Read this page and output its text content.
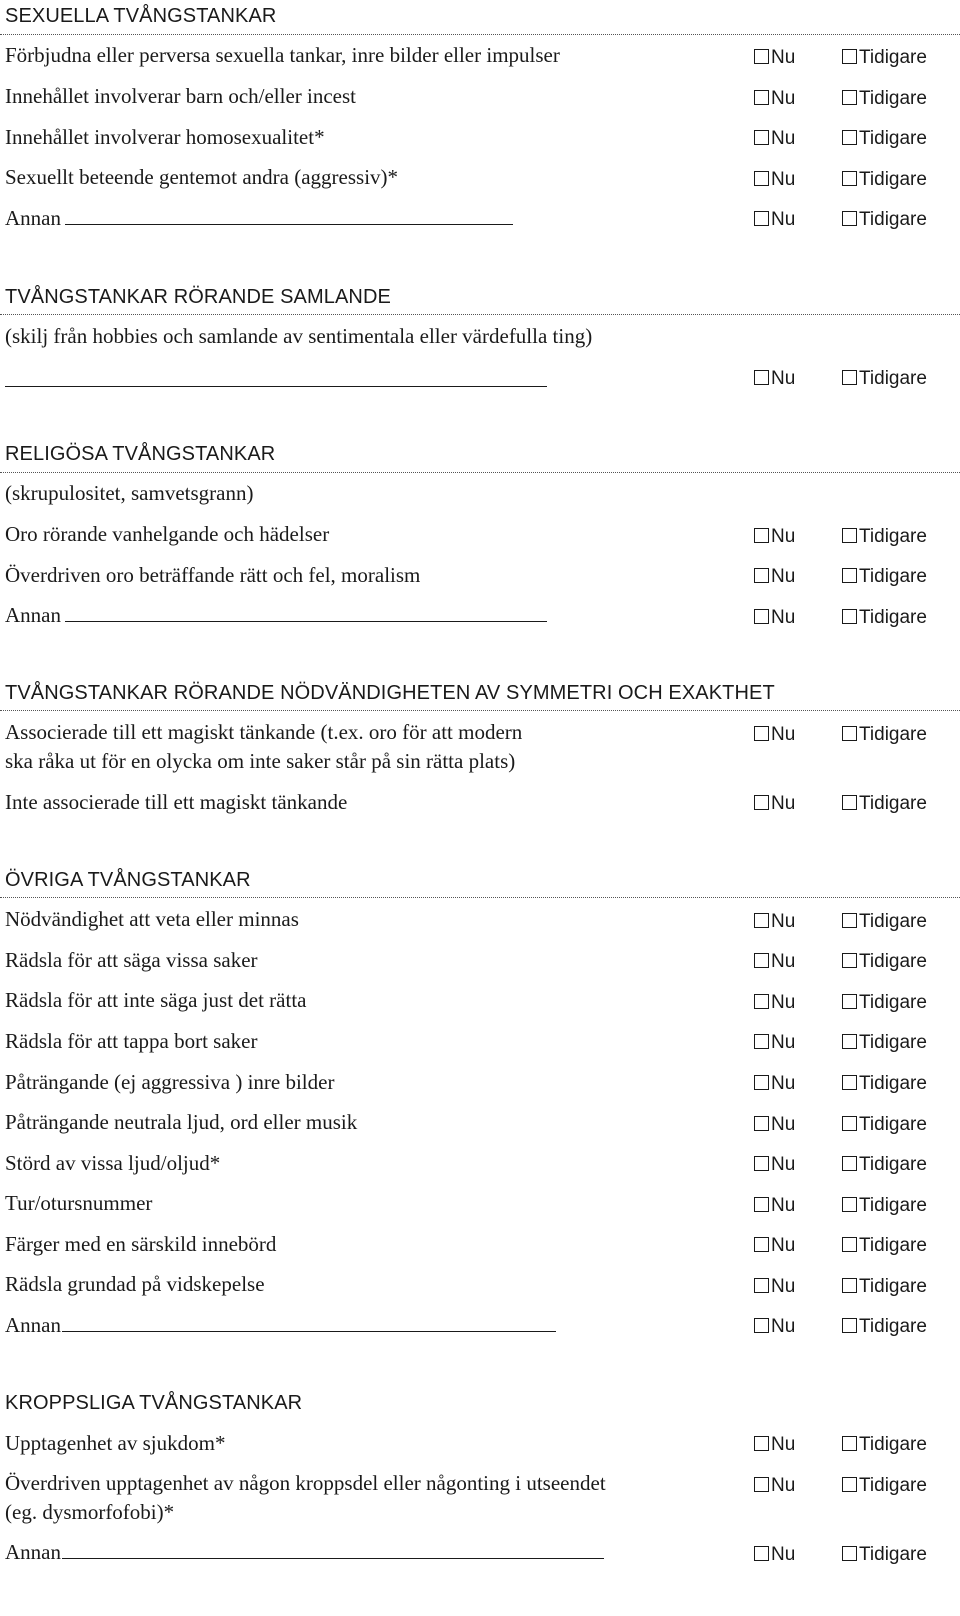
SEXUELLA TVÅNGSTANKAR
Förbjudna eller perversa sexuella tankar, inre bilder eller impulser	Nu	Tidigare
Innehållet involverar barn och/eller incest	Nu	Tidigare
Innehållet involverar homosexualitet*	Nu	Tidigare
Sexuellt beteende gentemot andra (aggressiv)*	Nu	Tidigare
Annan	Nu	Tidigare
TVÅNGSTANKAR RÖRANDE SAMLANDE
(skilj från hobbies och samlande av sentimentala eller värdefulla ting)
Nu	Tidigare
RELIGÖSA TVÅNGSTANKAR
(skrupulositet, samvetsgrann)
Oro rörande vanhelgande och hädelser	Nu	Tidigare
Överdriven oro beträffande rätt och fel, moralism	Nu	Tidigare
Annan	Nu	Tidigare
TVÅNGSTANKAR RÖRANDE NÖDVÄNDIGHETEN AV SYMMETRI OCH EXAKTHET
Associerade till ett magiskt tänkande (t.ex. oro för att modern
ska råka ut för en olycka om inte saker står på sin rätta plats)
Nu	Tidigare
Inte associerade till ett magiskt tänkande	Nu	Tidigare
ÖVRIGA TVÅNGSTANKAR
Nödvändighet att veta eller minnas	Nu	Tidigare
Rädsla för att säga vissa saker	Nu	Tidigare
Rädsla för att inte säga just det rätta	Nu	Tidigare
Rädsla för att tappa bort saker	Nu	Tidigare
Påträngande (ej aggressiva ) inre bilder	Nu	Tidigare
Påträngande neutrala ljud, ord eller musik	Nu	Tidigare
Störd av vissa ljud/oljud*	Nu	Tidigare
Tur/otursnummer	Nu	Tidigare
Färger med en särskild innebörd	Nu	Tidigare
Rädsla grundad på vidskepelse	Nu	Tidigare
Annan	Nu	Tidigare
KROPPSLIGA TVÅNGSTANKAR
Upptagenhet av sjukdom*	Nu	Tidigare
Överdriven upptagenhet av någon kroppsdel eller någonting i utseendet
(eg. dysmorfofobi)*
Nu	Tidigare
Annan	Nu	Tidigare
